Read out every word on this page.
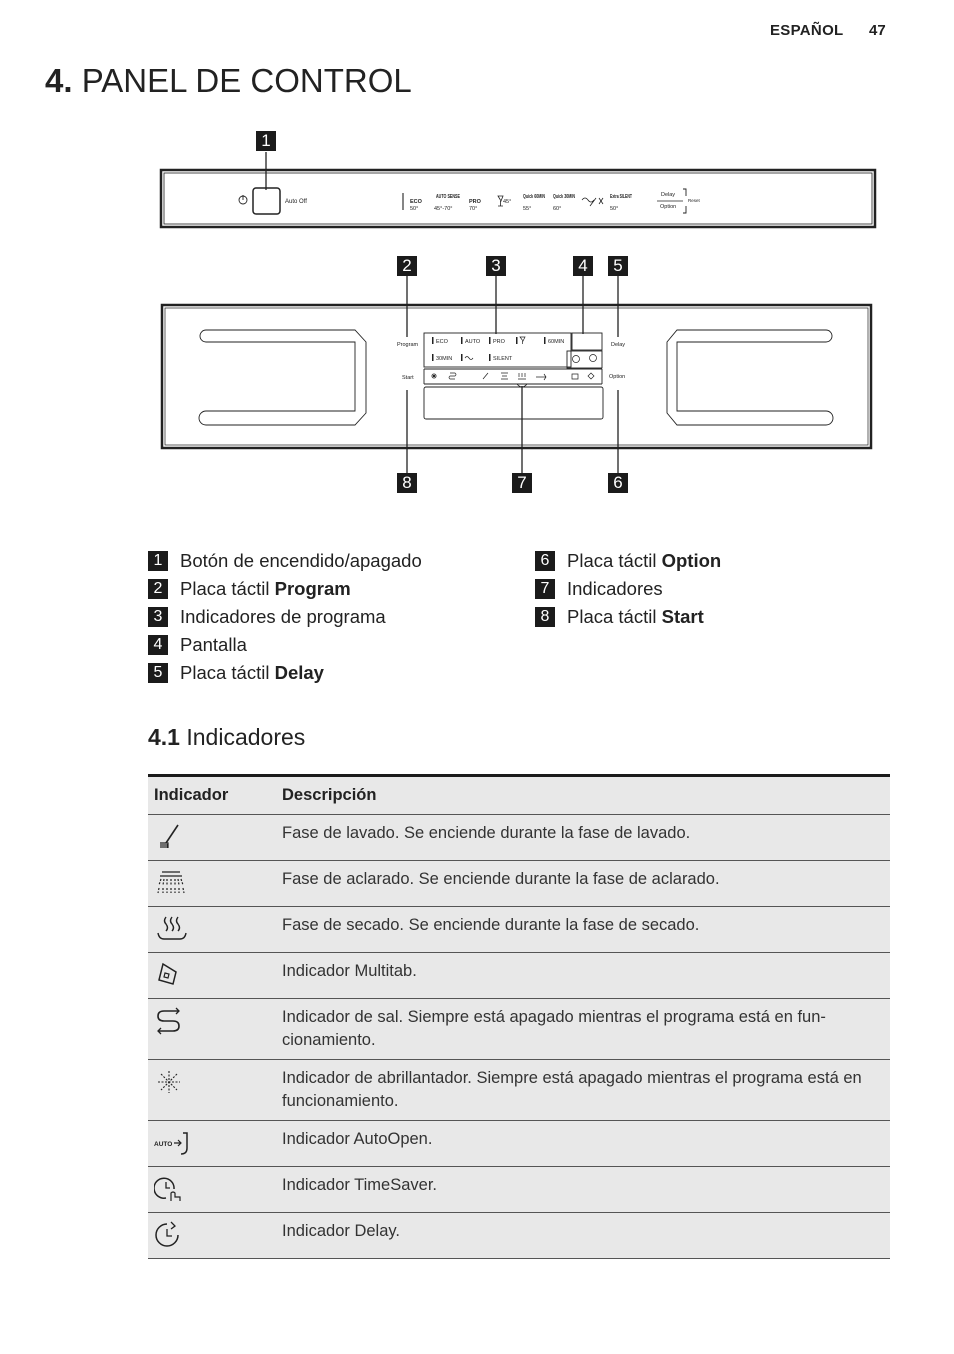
ESPAÑOL 47
4. PANEL DE CONTROL
Auto Off	ECO
50°
AUTO SENSE
45°-70°
PRO
70°
45°
Quick 60MIN
55°
Quick 30MIN
60°
Extra SILENT
50°
Delay
Option
Reset
Program
Start
Delay
Option
ECO	AUTO PRO	60MIN
30MIN	SILENT
1
2	3	4	5
8	7	6
1 Botón de encendido/apagado
2 Placa táctil Program
3 Indicadores de programa
4 Pantalla
5 Placa táctil Delay
6 Placa táctil Option
7 Indicadores
8 Placa táctil Start
4.1 Indicadores
Indicador	Descripción

	Fase de lavado. Se enciende durante la fase de lavado.

	Fase de aclarado. Se enciende durante la fase de aclarado.

	Fase de secado. Se enciende durante la fase de secado.

	Indicador Multitab.

	Indicador de sal. Siempre está apagado mientras el programa está en fun-cionamiento.

	Indicador de abrillantador. Siempre está apagado mientras el programa está en funcionamiento.

AUTO	Indicador AutoOpen.

	Indicador TimeSaver.

	Indicador Delay.
